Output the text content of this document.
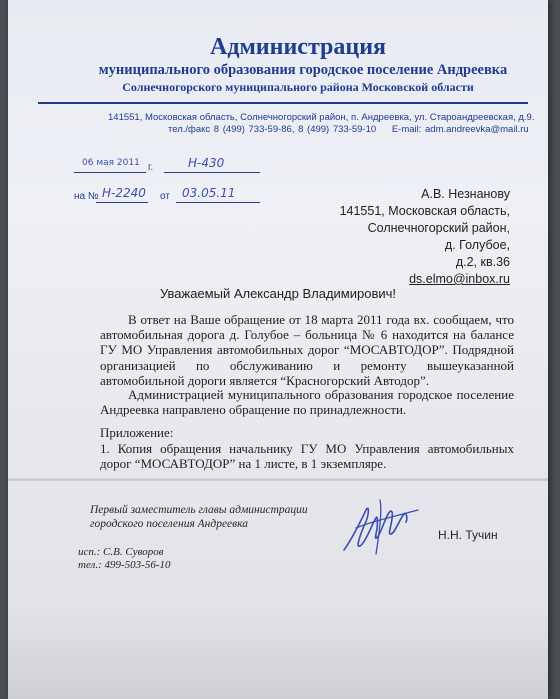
Администрация
муниципального образования городское поселение Андреевка
Солнечногорского муниципального района Московской области
141551, Московская область, Солнечногорский район, п. Андреевка, ул. Староандреевская, д.9.
тел./факс 8 (499) 733-59-86, 8 (499) 733-59-10 E-mail: adm.andreevka@mail.ru
06 мая 2011 г.	Н-430
на № Н-2240 от 03.05.11	А.В. Незнанову
141551, Московская область,
Солнечногорский район,
д. Голубое,
д.2, кв.36
ds.elmo@inbox.ru
Уважаемый Александр Владимирович!
В ответ на Ваше обращение от 18 марта 2011 года вх. сообщаем, что автомобильная дорога д. Голубое – больница № 6 находится на балансе ГУ МО Управления автомобильных дорог “МОСАВТОДОР”. Подрядной организацией по обслуживанию и ремонту вышеуказанной автомобильной дороги является “Красногорский Автодор”.
Администрацией муниципального образования городское поселение Андреевка направлено обращение по принадлежности.
Приложение:
1. Копия обращения начальнику ГУ МО Управления автомобильных дорог “МОСАВТОДОР” на 1 листе, в 1 экземпляре.
Первый заместитель главы администрации
городского поселения Андреевка
Н.Н. Тучин
исп.: С.В. Суворов
тел.: 499-503-56-10
